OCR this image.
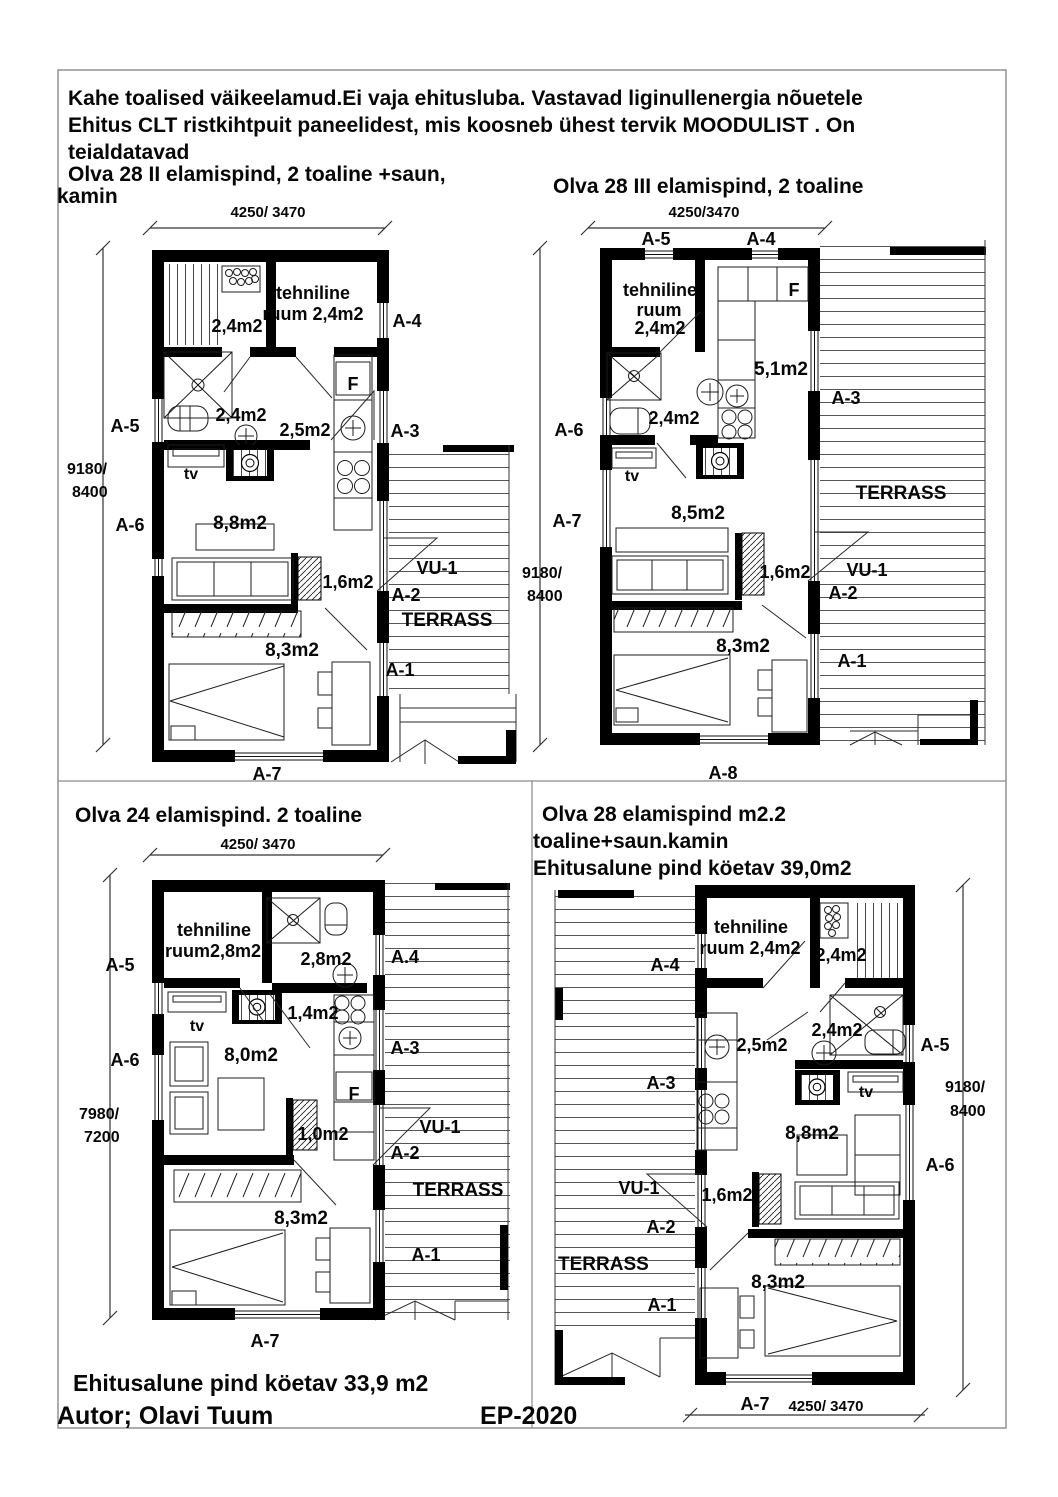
Kahe toalised väikeelamud.Ei vaja ehitusluba. Vastavad liginullenergia nõuetele
Ehitus CLT ristkihtpuit paneelidest, mis koosneb ühest tervik MOODULIST . On
teialdatavad
Olva 28 II elamispind, 2 toaline +saun,
kamin
4250/ 3470
9180/
8400
2,4m2
tehniline
ruum 2,4m2
2,4m2
2,5m2
8,8m2
1,6m2
8,3m2
F
tv
A-5
A-6
A-4
A-3
VU-1
A-2
TERRASS
A-1
A-7
Olva 28 III elamispind, 2 toaline
4250/3470
9180/
8400
A-5	A-4
tehniline
ruum
2,4m2
F
5,1m2
2,4m2
tv
8,5m2
1,6m2
8,3m2
A-6
A-7
A-3
TERRASS
VU-1
A-2
A-1
A-8
Olva 24 elamispind. 2 toaline
4250/ 3470
7980/
7200
tehniline
ruum2,8m2 2,8m2
1,4m2
8,0m2
1,0m2
8,3m2
F
tv
A-5
A-6
A.4
A-3
VU-1
A-2
TERRASS
A-1
A-7
Olva 28 elamispind m2.2
toaline+saun.kamin
Ehitusalune pind köetav 39,0m2
9180/
8400
4250/ 3470
tehniline
ruum 2,4m2 2,4m2
2,4m2
2,5m2
8,8m2
1,6m2
8,3m2
tv
A-4
A-3
VU-1
A-2
TERRASS
A-1
A-5
A-6
A-7
Ehitusalune pind köetav 33,9 m2
Autor; Olavi Tuum	EP-2020
